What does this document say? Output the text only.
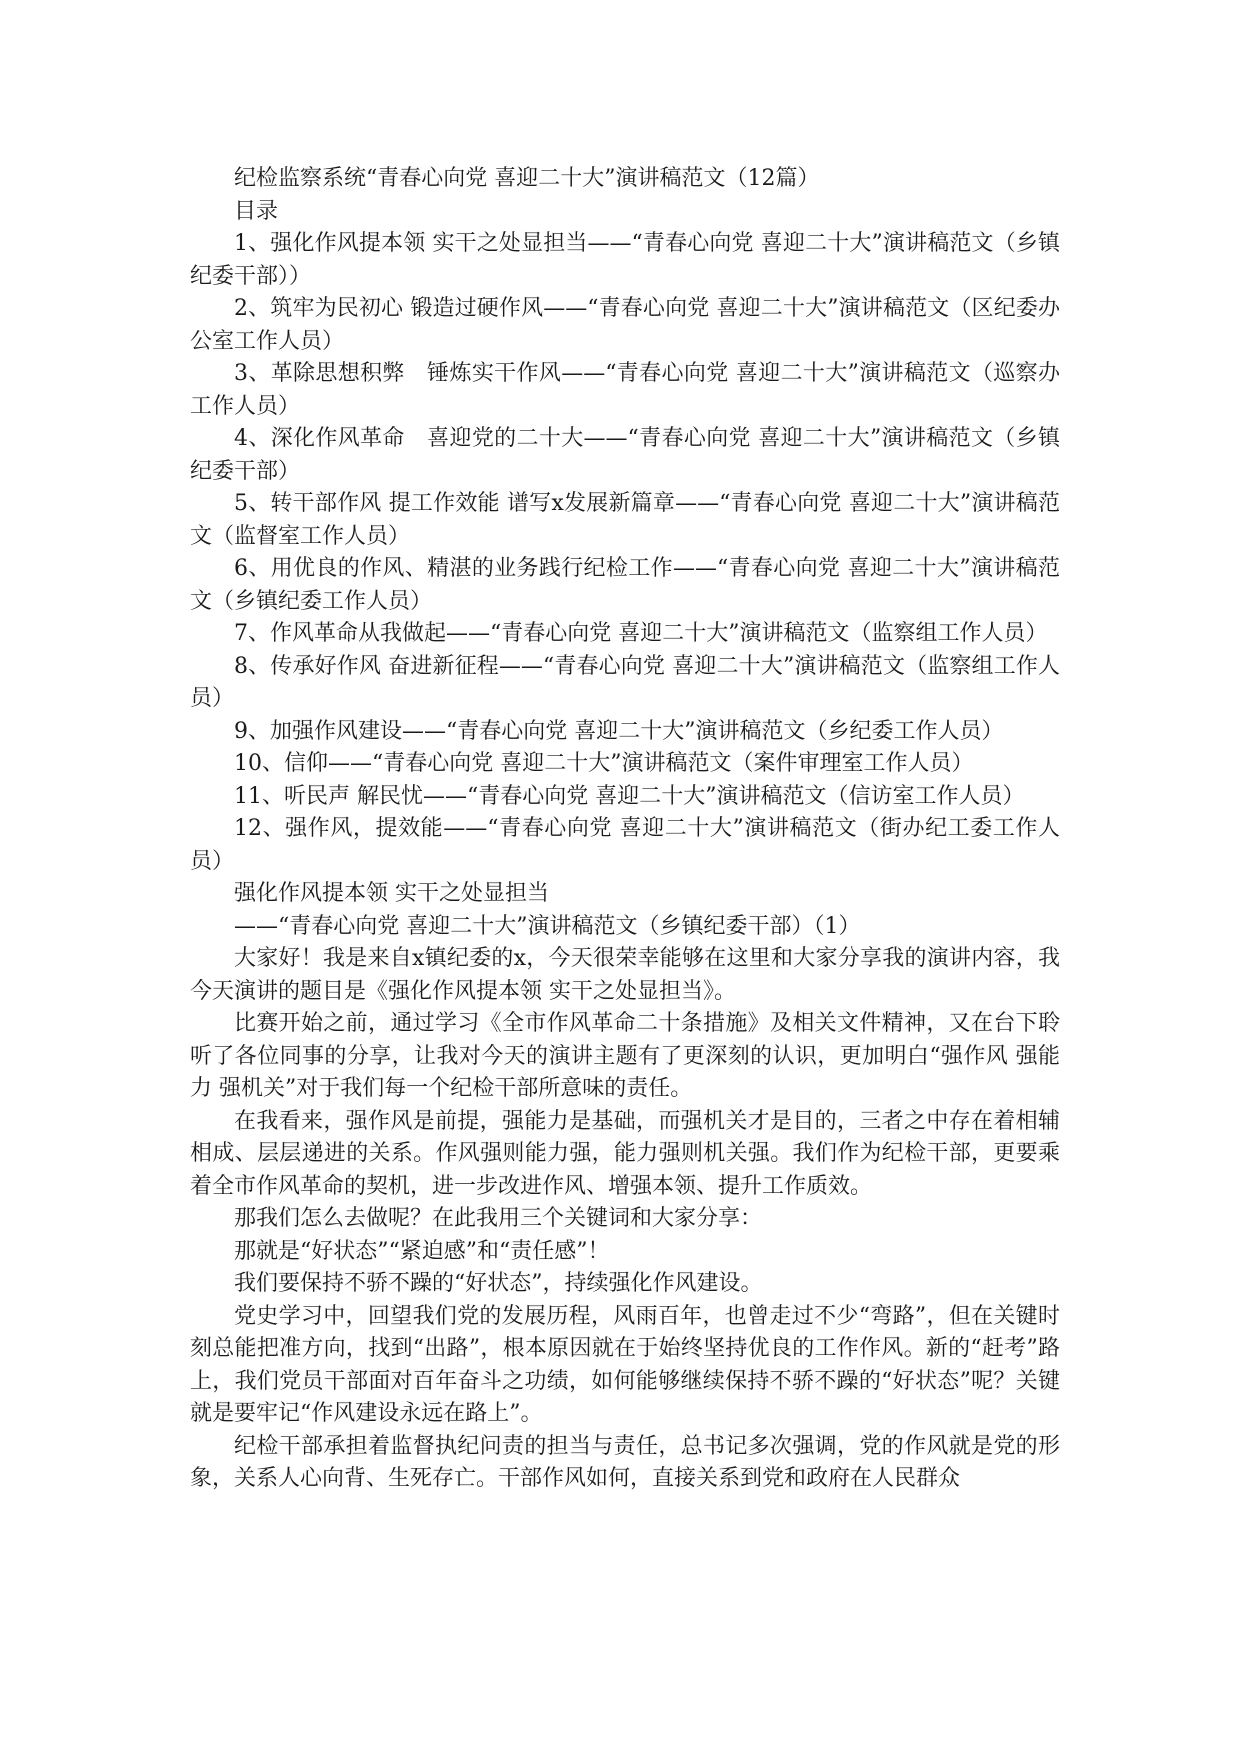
纪检监察系统“青春心向党 喜迎二十大”演讲稿范文（12篇）

目录

1、强化作风提本领 实干之处显担当——“青春心向党 喜迎二十大”演讲稿范文（乡镇纪委干部））

2、筑牢为民初心 锻造过硬作风——“青春心向党 喜迎二十大”演讲稿范文（区纪委办公室工作人员）

3、革除思想积弊　锤炼实干作风——“青春心向党 喜迎二十大”演讲稿范文（巡察办工作人员）

4、深化作风革命　喜迎党的二十大——“青春心向党 喜迎二十大”演讲稿范文（乡镇纪委干部）

5、转干部作风 提工作效能 谱写x发展新篇章——“青春心向党 喜迎二十大”演讲稿范文（监督室工作人员）

6、用优良的作风、精湛的业务践行纪检工作——“青春心向党 喜迎二十大”演讲稿范文（乡镇纪委工作人员）

7、作风革命从我做起——“青春心向党 喜迎二十大”演讲稿范文（监察组工作人员）

8、传承好作风 奋进新征程——“青春心向党 喜迎二十大”演讲稿范文（监察组工作人员）

9、加强作风建设——“青春心向党 喜迎二十大”演讲稿范文（乡纪委工作人员）

10、信仰——“青春心向党 喜迎二十大”演讲稿范文（案件审理室工作人员）

11、听民声 解民忧——“青春心向党 喜迎二十大”演讲稿范文（信访室工作人员）

12、强作风，提效能——“青春心向党 喜迎二十大”演讲稿范文（街办纪工委工作人员）

强化作风提本领 实干之处显担当

——“青春心向党 喜迎二十大”演讲稿范文（乡镇纪委干部）（1）

大家好！我是来自x镇纪委的x，今天很荣幸能够在这里和大家分享我的演讲内容，我今天演讲的题目是《强化作风提本领 实干之处显担当》。

比赛开始之前，通过学习《全市作风革命二十条措施》及相关文件精神，又在台下聆听了各位同事的分享，让我对今天的演讲主题有了更深刻的认识，更加明白“强作风 强能力 强机关”对于我们每一个纪检干部所意味的责任。

在我看来，强作风是前提，强能力是基础，而强机关才是目的，三者之中存在着相辅相成、层层递进的关系。作风强则能力强，能力强则机关强。我们作为纪检干部，更要乘着全市作风革命的契机，进一步改进作风、增强本领、提升工作质效。

那我们怎么去做呢？在此我用三个关键词和大家分享：

那就是“好状态”“紧迫感”和“责任感”！

我们要保持不骄不躁的“好状态”，持续强化作风建设。

党史学习中，回望我们党的发展历程，风雨百年，也曾走过不少“弯路”，但在关键时刻总能把准方向，找到“出路”，根本原因就在于始终坚持优良的工作作风。新的“赶考”路上，我们党员干部面对百年奋斗之功绩，如何能够继续保持不骄不躁的“好状态”呢？关键就是要牢记“作风建设永远在路上”。

纪检干部承担着监督执纪问责的担当与责任，总书记多次强调，党的作风就是党的形象，关系人心向背、生死存亡。干部作风如何，直接关系到党和政府在人民群众
